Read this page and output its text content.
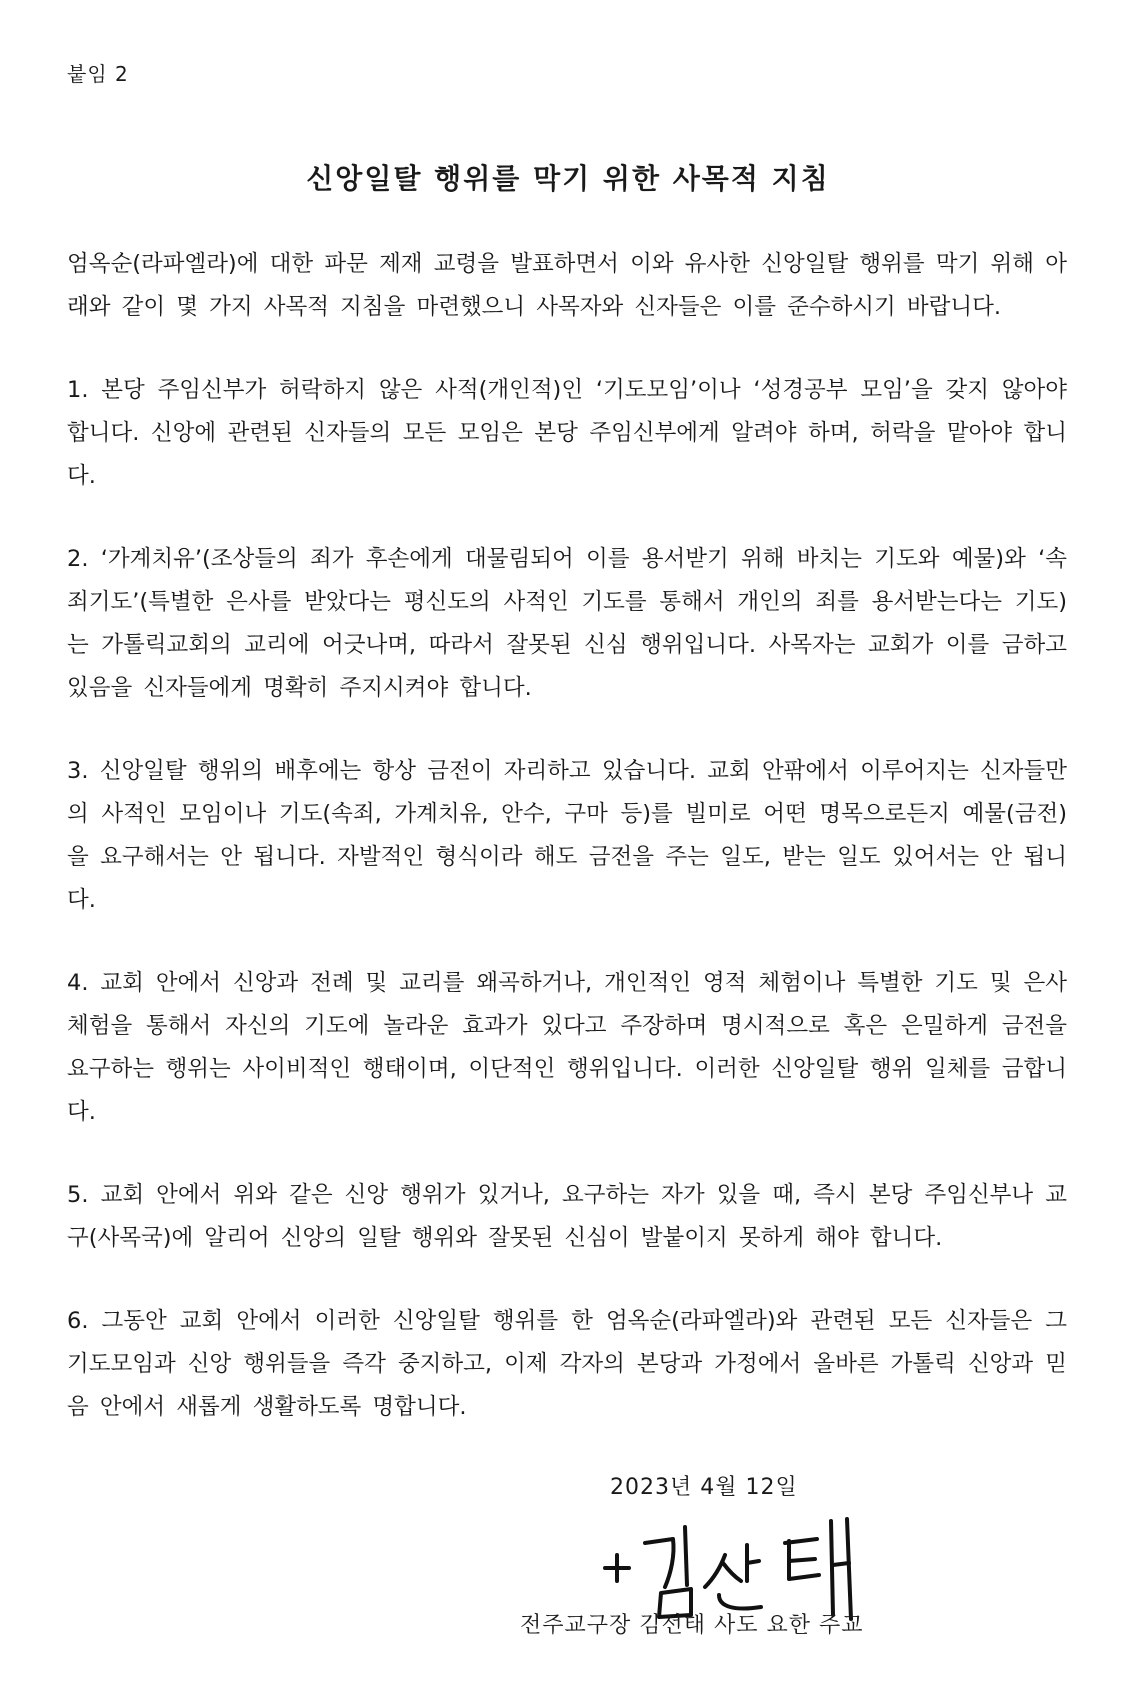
붙임 2
신앙일탈 행위를 막기 위한 사목적 지침

엄옥순(라파엘라)에 대한 파문 제재 교령을 발표하면서 이와 유사한 신앙일탈 행위를 막기 위해 아래와 같이 몇 가지 사목적 지침을 마련했으니 사목자와 신자들은 이를 준수하시기 바랍니다.

1. 본당 주임신부가 허락하지 않은 사적(개인적)인 ‘기도모임’이나 ‘성경공부 모임’을 갖지 않아야 합니다. 신앙에 관련된 신자들의 모든 모임은 본당 주임신부에게 알려야 하며, 허락을 맡아야 합니다.

2. ‘가계치유’(조상들의 죄가 후손에게 대물림되어 이를 용서받기 위해 바치는 기도와 예물)와 ‘속죄기도’(특별한 은사를 받았다는 평신도의 사적인 기도를 통해서 개인의 죄를 용서받는다는 기도)는 가톨릭교회의 교리에 어긋나며, 따라서 잘못된 신심 행위입니다. 사목자는 교회가 이를 금하고 있음을 신자들에게 명확히 주지시켜야 합니다.

3. 신앙일탈 행위의 배후에는 항상 금전이 자리하고 있습니다. 교회 안팎에서 이루어지는 신자들만의 사적인 모임이나 기도(속죄, 가계치유, 안수, 구마 등)를 빌미로 어떤 명목으로든지 예물(금전)을 요구해서는 안 됩니다. 자발적인 형식이라 해도 금전을 주는 일도, 받는 일도 있어서는 안 됩니다.

4. 교회 안에서 신앙과 전례 및 교리를 왜곡하거나, 개인적인 영적 체험이나 특별한 기도 및 은사 체험을 통해서 자신의 기도에 놀라운 효과가 있다고 주장하며 명시적으로 혹은 은밀하게 금전을 요구하는 행위는 사이비적인 행태이며, 이단적인 행위입니다. 이러한 신앙일탈 행위 일체를 금합니다.

5. 교회 안에서 위와 같은 신앙 행위가 있거나, 요구하는 자가 있을 때, 즉시 본당 주임신부나 교구(사목국)에 알리어 신앙의 일탈 행위와 잘못된 신심이 발붙이지 못하게 해야 합니다.

6. 그동안 교회 안에서 이러한 신앙일탈 행위를 한 엄옥순(라파엘라)와 관련된 모든 신자들은 그 기도모임과 신앙 행위들을 즉각 중지하고, 이제 각자의 본당과 가정에서 올바른 가톨릭 신앙과 믿음 안에서 새롭게 생활하도록 명합니다.

2023년 4월 12일
전주교구장 김선태 사도 요한 주교
